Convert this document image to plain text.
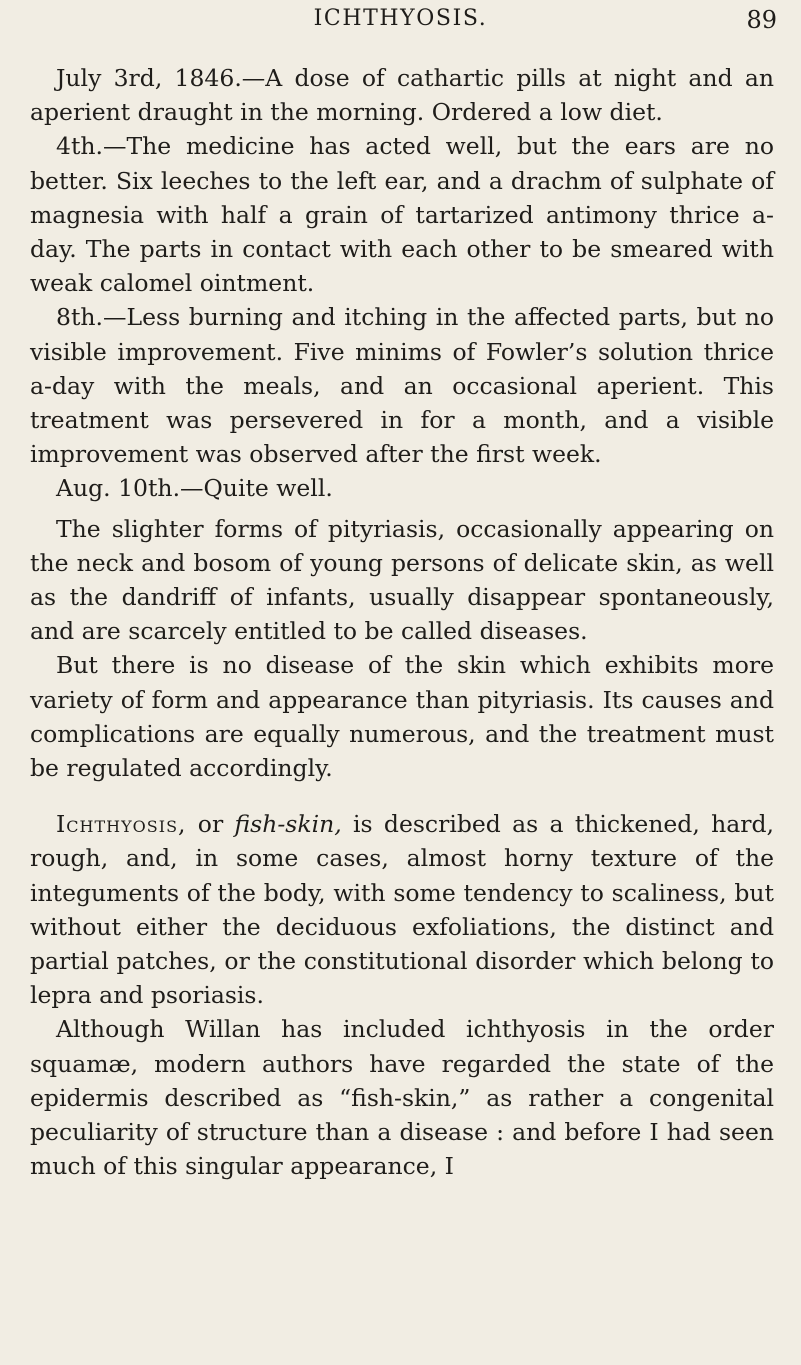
ICHTHYOSIS.	89

July 3rd, 1846.—A dose of cathartic pills at night and an aperient draught in the morning. Ordered a low diet.

4th.—The medicine has acted well, but the ears are no better. Six leeches to the left ear, and a drachm of sulphate of magnesia with half a grain of tartarized antimony thrice a-day. The parts in contact with each other to be smeared with weak calomel ointment.

8th.—Less burning and itching in the affected parts, but no visible improvement. Five minims of Fowler’s solution thrice a-day with the meals, and an occasional aperient. This treatment was persevered in for a month, and a visible improvement was observed after the first week.

Aug. 10th.—Quite well.

The slighter forms of pityriasis, occasionally appearing on the neck and bosom of young persons of delicate skin, as well as the dandriff of infants, usually disappear spontaneously, and are scarcely entitled to be called diseases.

But there is no disease of the skin which exhibits more variety of form and appearance than pityriasis. Its causes and complications are equally numerous, and the treatment must be regulated accordingly.

Ichthyosis, or fish-skin, is described as a thickened, hard, rough, and, in some cases, almost horny texture of the integuments of the body, with some tendency to scaliness, but without either the deciduous exfoliations, the distinct and partial patches, or the constitutional disorder which belong to lepra and psoriasis.

Although Willan has included ichthyosis in the order squamæ, modern authors have regarded the state of the epidermis described as “fish-skin,” as rather a congenital peculiarity of structure than a disease : and before I had seen much of this singular appearance, I
